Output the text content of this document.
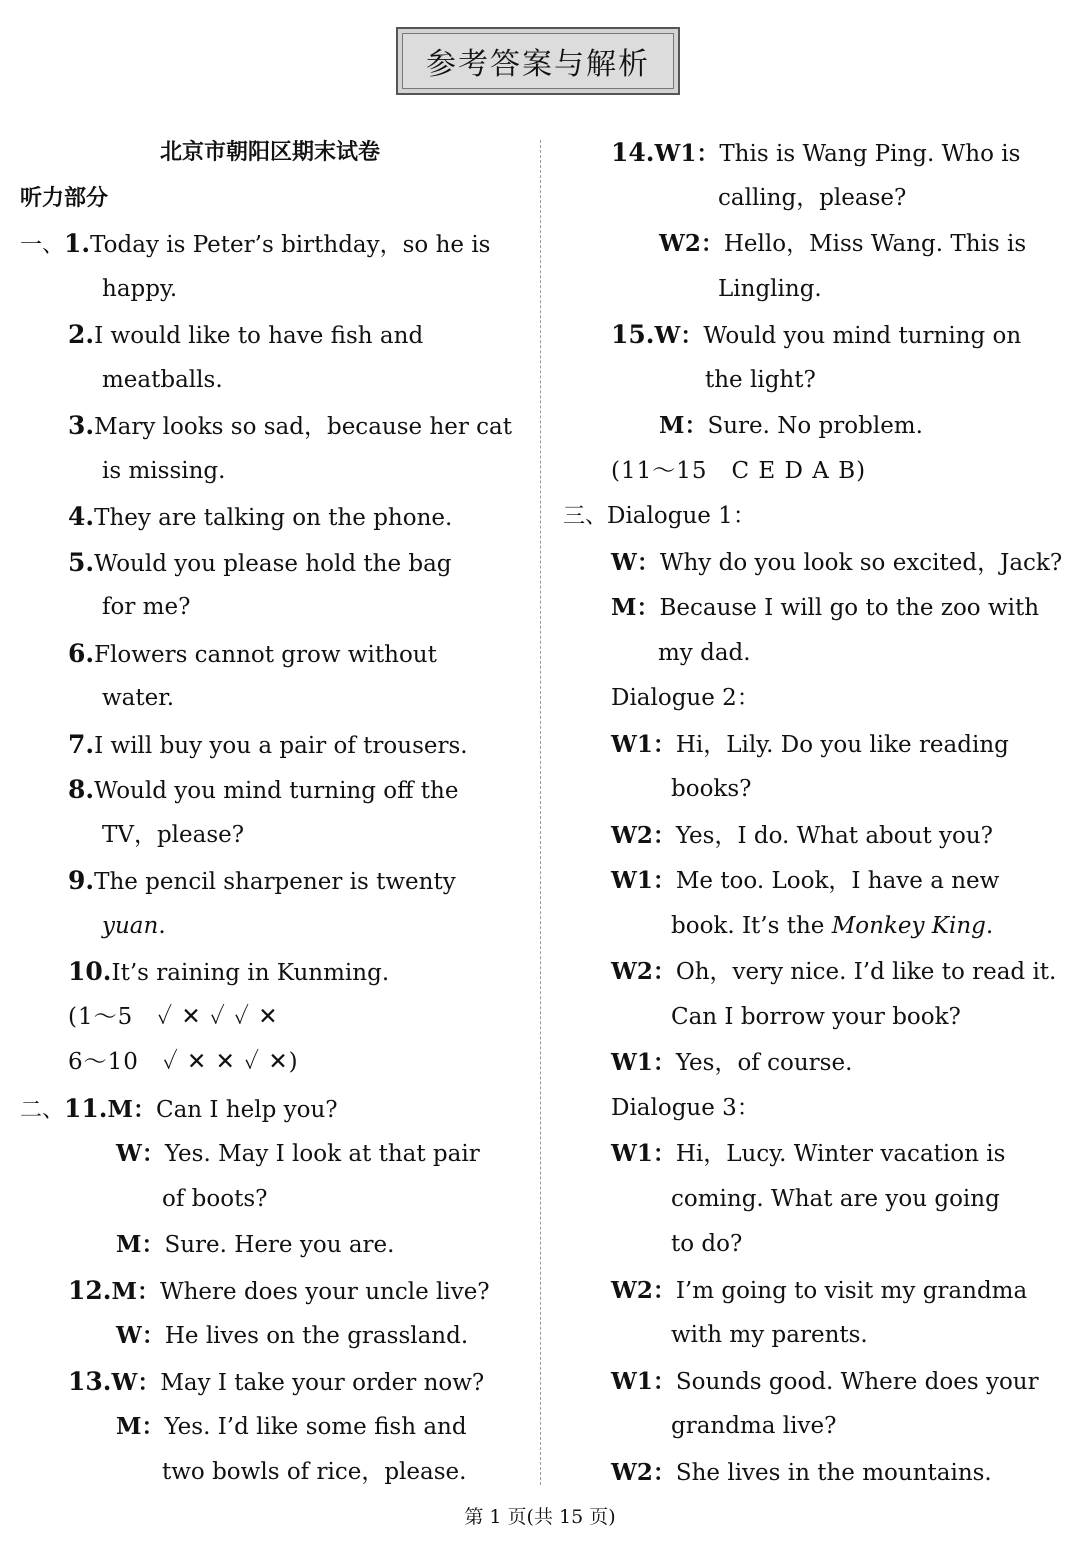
参考答案与解析
北京市朝阳区期末试卷
听力部分
一、1.Today is Peter’s birthday，so he is
happy.
2.I would like to have fish and
meatballs.
3.Mary looks so sad，because her cat
is missing.
4.They are talking on the phone.
5.Would you please hold the bag
for me?
6.Flowers cannot grow without
water.
7.I will buy you a pair of trousers.
8.Would you mind turning off the
TV，please?
9.The pencil sharpener is twenty
yuan.
10.It’s raining in Kunming.
(1～5　✓ ✕ ✓ ✓ ✕
6～10　✓ ✕ ✕ ✓ ✕)
二、11.M：Can I help you?
W：Yes. May I look at that pair
of boots?
M：Sure. Here you are.
12.M：Where does your uncle live?
W：He lives on the grassland.
13.W：May I take your order now?
M：Yes. I’d like some fish and
two bowls of rice，please.
14.W1：This is Wang Ping. Who is
calling，please?
W2：Hello，Miss Wang. This is
Lingling.
15.W：Would you mind turning on
the light?
M：Sure. No problem.
(11～15　C E D A B)
三、Dialogue 1：
W：Why do you look so excited，Jack?
M：Because I will go to the zoo with
my dad.
Dialogue 2：
W1：Hi，Lily. Do you like reading
books?
W2：Yes，I do. What about you?
W1：Me too. Look，I have a new
book. It’s the Monkey King.
W2：Oh，very nice. I’d like to read it.
Can I borrow your book?
W1：Yes，of course.
Dialogue 3：
W1：Hi，Lucy. Winter vacation is
coming. What are you going
to do?
W2：I’m going to visit my grandma
with my parents.
W1：Sounds good. Where does your
grandma live?
W2：She lives in the mountains.
第 1 页(共 15 页)
